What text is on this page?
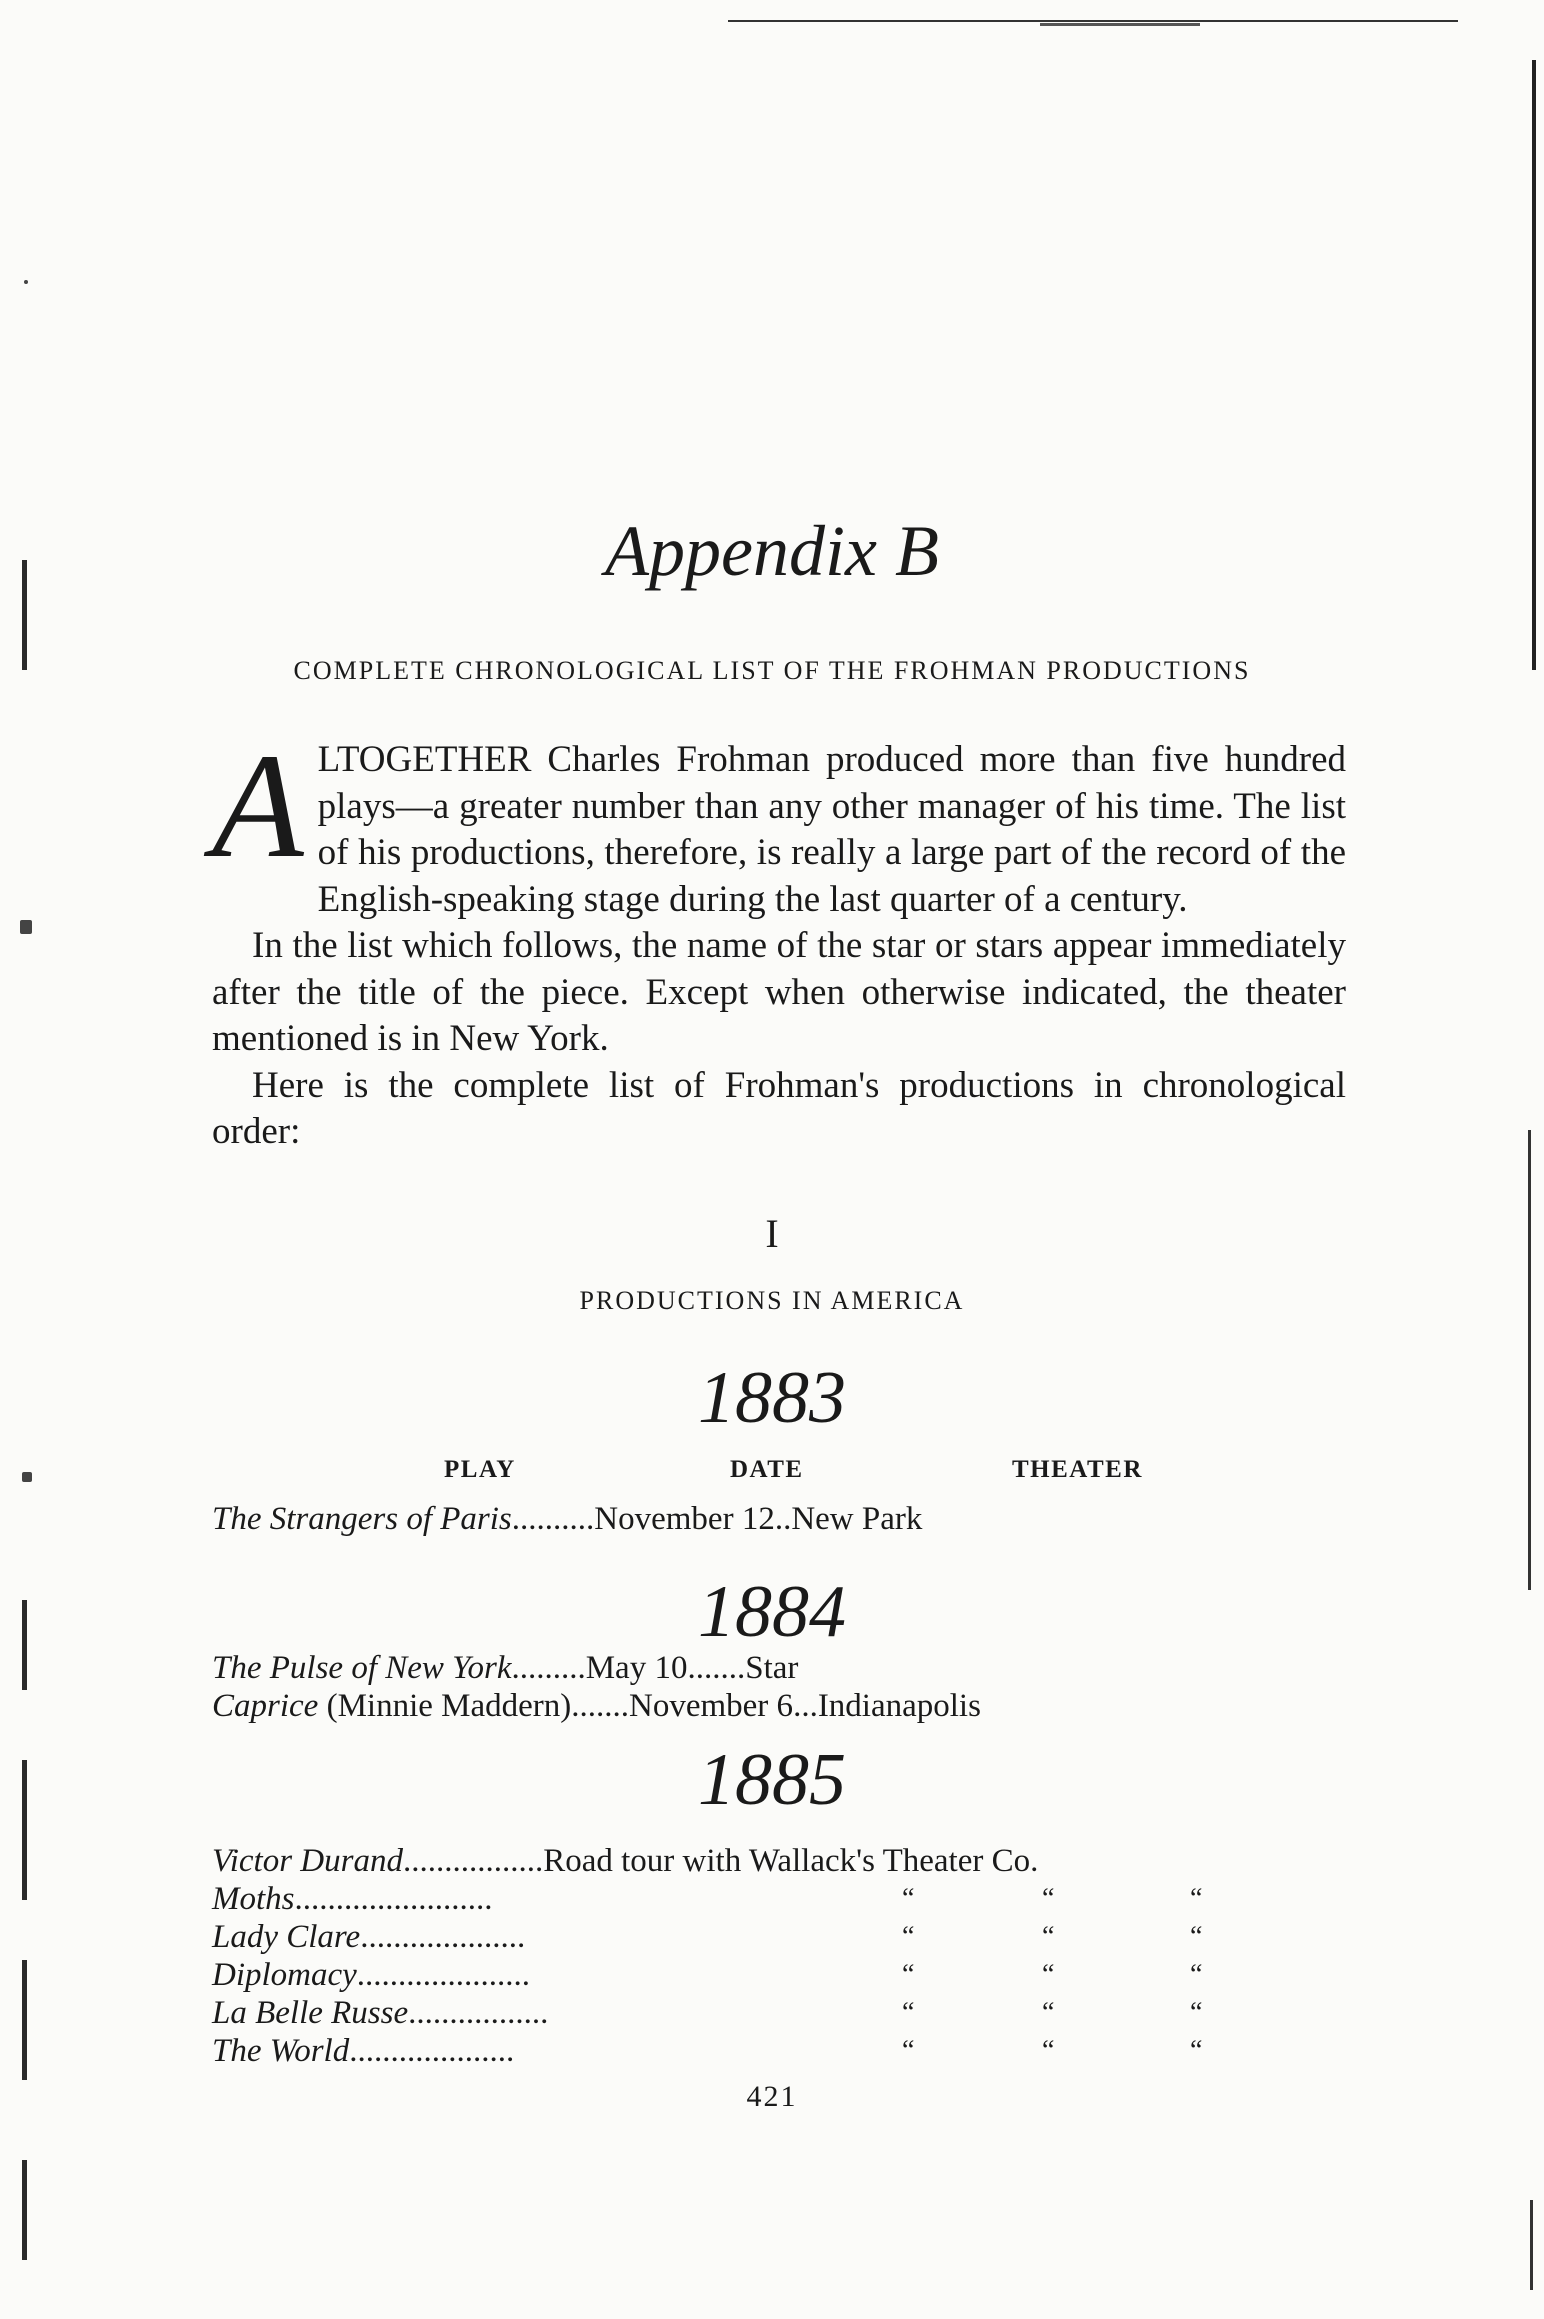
Appendix B
COMPLETE CHRONOLOGICAL LIST OF THE FROHMAN PRODUCTIONS
A LTOGETHER Charles Frohman produced more than five hundred plays—a greater number than any other manager of his time. The list of his productions, therefore, is really a large part of the record of the English-speaking stage during the last quarter of a century.

In the list which follows, the name of the star or stars appear immediately after the title of the piece. Except when otherwise indicated, the theater mentioned is in New York.

Here is the complete list of Frohman's productions in chronological order:

I
PRODUCTIONS IN AMERICA
1883
PLAY	DATE	THEATER
The Strangers of Paris..........November 12..New Park
1884
The Pulse of New York.........May 10.......Star
Caprice (Minnie Maddern).......November 6...Indianapolis
1885
Victor Durand.................Road tour with Wallack's Theater Co.
Moths........................	“	“	“
Lady Clare....................	“	“	“
Diplomacy.....................	“	“	“
La Belle Russe.................	“	“	“
The World....................	“	“	“
421
